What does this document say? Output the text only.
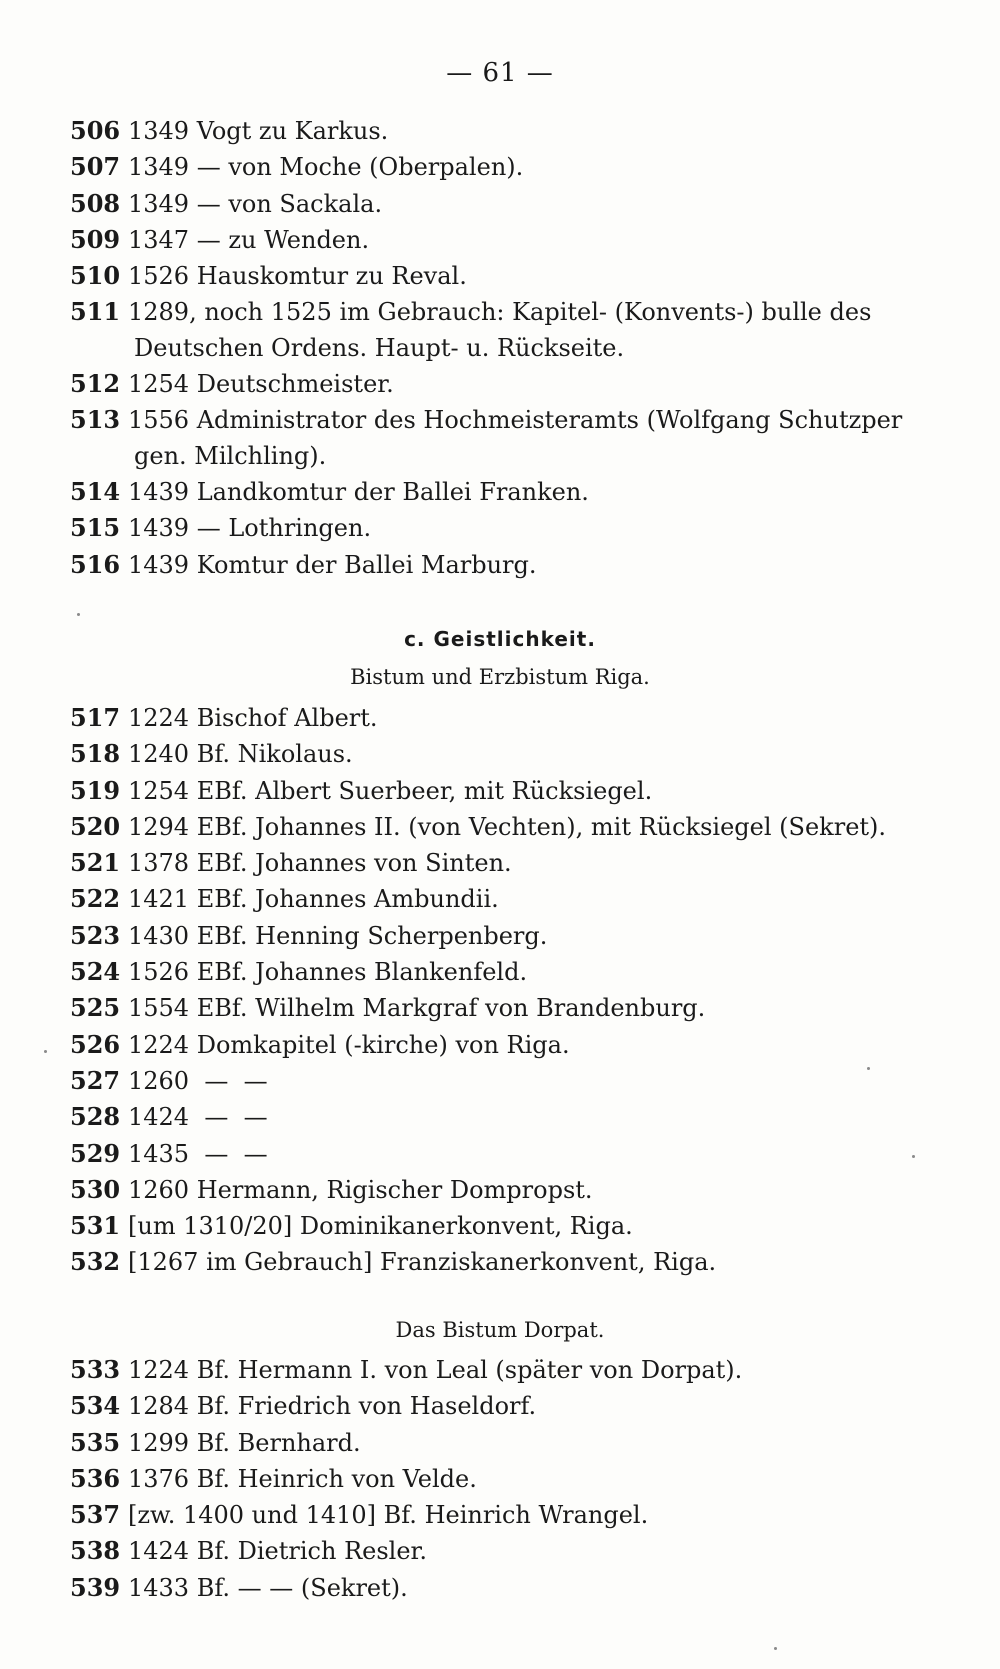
— 61 —
506 1349 Vogt zu Karkus.
507 1349 — von Moche (Oberpalen).
508 1349 — von Sackala.
509 1347 — zu Wenden.
510 1526 Hauskomtur zu Reval.
511 1289, noch 1525 im Gebrauch: Kapitel- (Konvents-) bulle des Deutschen Ordens. Haupt- u. Rückseite.
512 1254 Deutschmeister.
513 1556 Administrator des Hochmeisteramts (Wolfgang Schutzper gen. Milchling).
514 1439 Landkomtur der Ballei Franken.
515 1439 — Lothringen.
516 1439 Komtur der Ballei Marburg.
c. Geistlichkeit.
Bistum und Erzbistum Riga.
517 1224 Bischof Albert.
518 1240 Bf. Nikolaus.
519 1254 EBf. Albert Suerbeer, mit Rücksiegel.
520 1294 EBf. Johannes II. (von Vechten), mit Rücksiegel (Sekret).
521 1378 EBf. Johannes von Sinten.
522 1421 EBf. Johannes Ambundii.
523 1430 EBf. Henning Scherpenberg.
524 1526 EBf. Johannes Blankenfeld.
525 1554 EBf. Wilhelm Markgraf von Brandenburg.
526 1224 Domkapitel (-kirche) von Riga.
527 1260  —  —
528 1424  —  —
529 1435  —  —
530 1260 Hermann, Rigischer Dompropst.
531 [um 1310/20] Dominikanerkonvent, Riga.
532 [1267 im Gebrauch] Franziskanerkonvent, Riga.
Das Bistum Dorpat.
533 1224 Bf. Hermann I. von Leal (später von Dorpat).
534 1284 Bf. Friedrich von Haseldorf.
535 1299 Bf. Bernhard.
536 1376 Bf. Heinrich von Velde.
537 [zw. 1400 und 1410] Bf. Heinrich Wrangel.
538 1424 Bf. Dietrich Resler.
539 1433 Bf. — — (Sekret).
